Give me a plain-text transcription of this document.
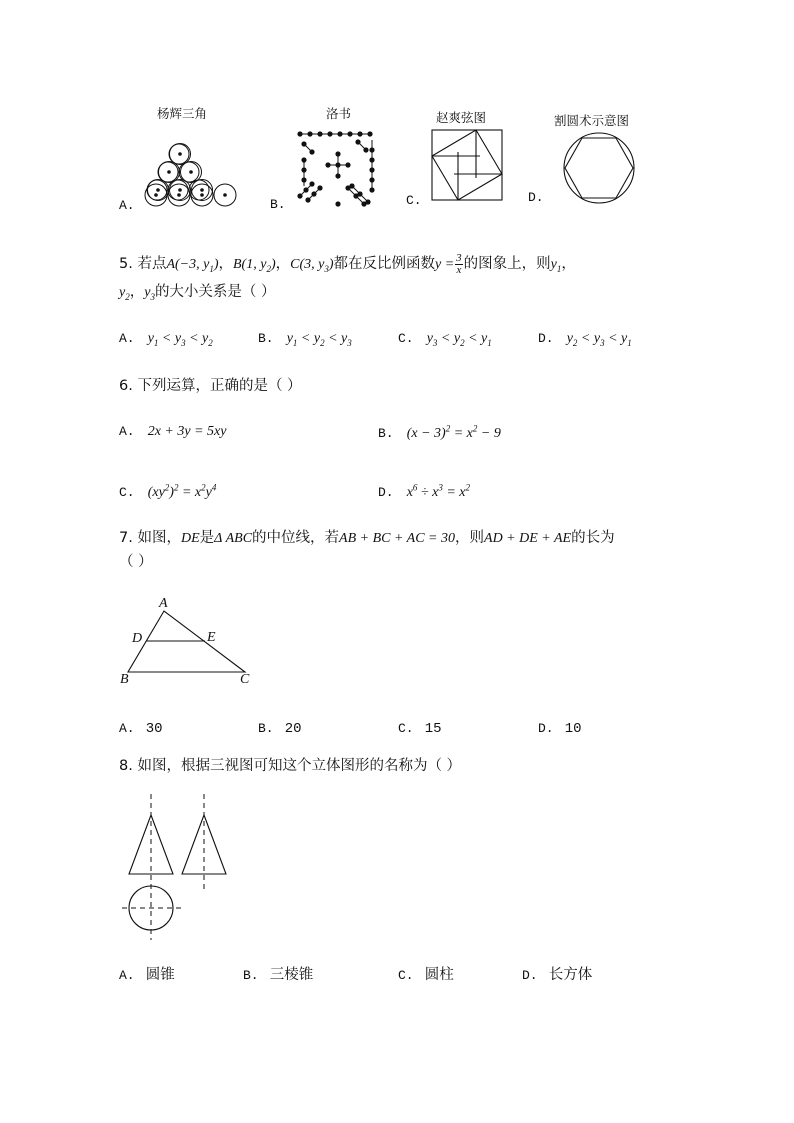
杨辉三角	洛书	赵爽弦图	割圆术示意图
A.	B.	C.	D.
5. 若点A(−3, $y_1$)，B(1, $y_2$)，C(3, $y_3$)都在反比例函数$y = \frac{3}{x}$ 的图象上，则$y_1$，
$y_2$，$y_3$的大小关系是（ ）
A. $y_1 < y_3 < y_2$	B. $y_1 < y_2 < y_3$	C. $y_3 < y_2 < y_1$	D. $y_2 < y_3 < y_1$
6. 下列运算，正确的是（ ）
A. 2x + 3y = 5xy	B. $(x - 3)^2 = x^2 - 9$
C. $(xy^2)^2 = x^2y^4$	D. $x^6 \div x^3 = x^2$
7. 如图，DE是Δ ABC的中位线，若AB + BC + AC = 30，则AD + DE + AE的长为
（ ）
A
D	E
B	C
A. 30	B. 20	C. 15	D. 10
8. 如图，根据三视图可知这个立体图形的名称为（ ）
A. 圆锥	B. 三棱锥	C. 圆柱	D. 长方体
